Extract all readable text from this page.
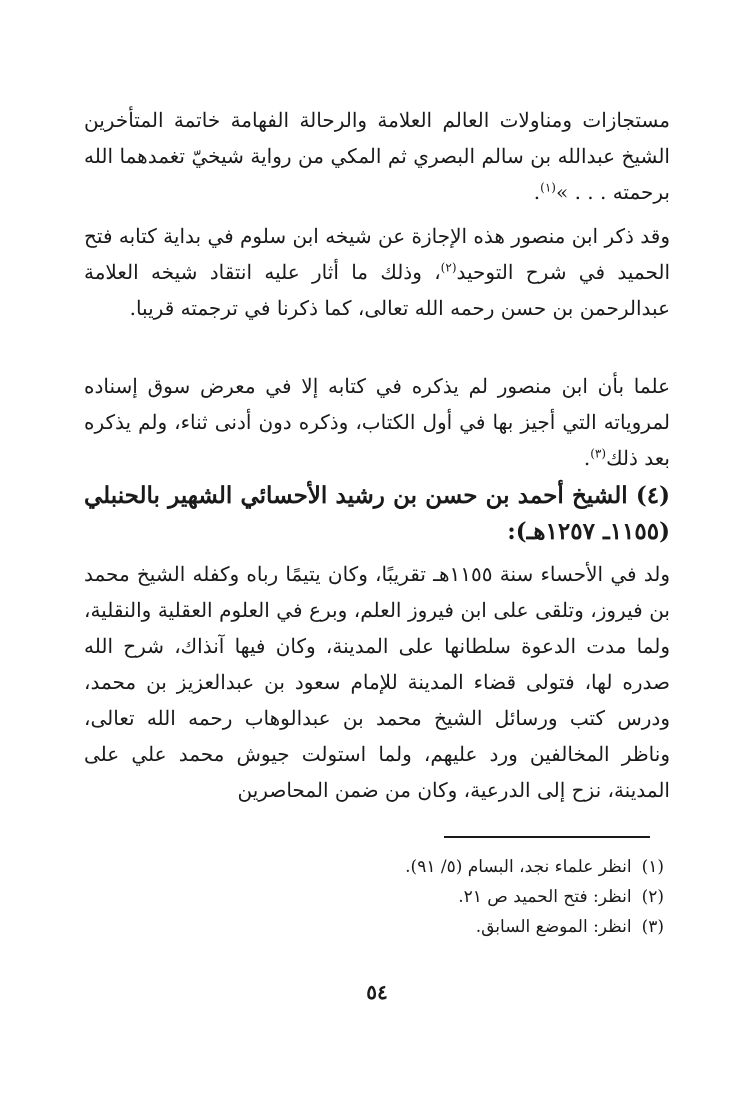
مستجازات ومناولات العالم العلامة والرحالة الفهامة خاتمة المتأخرين الشيخ عبدالله بن سالم البصري ثم المكي من رواية شيخيّ تغمدهما الله برحمته . . . »$^{(١)}$.

وقد ذكر ابن منصور هذه الإجازة عن شيخه ابن سلوم في بداية كتابه فتح الحميد في شرح التوحيد$^{(٢)}$، وذلك ما أثار عليه انتقاد شيخه العلامة عبدالرحمن بن حسن رحمه الله تعالى، كما ذكرنا في ترجمته قريبا.

علما بأن ابن منصور لم يذكره في كتابه إلا في معرض سوق إسناده لمروياته التي أجيز بها في أول الكتاب، وذكره دون أدنى ثناء، ولم يذكره بعد ذلك$^{(٣)}$.

(٤) الشيخ أحمد بن حسن بن رشيد الأحسائي الشهير بالحنبلي (١١٥٥ـ ١٢٥٧هـ):

ولد في الأحساء سنة ١١٥٥هـ تقريبًا، وكان يتيمًا رباه وكفله الشيخ محمد بن فيروز، وتلقى على ابن فيروز العلم، وبرع في العلوم العقلية والنقلية، ولما مدت الدعوة سلطانها على المدينة، وكان فيها آنذاك، شرح الله صدره لها، فتولى قضاء المدينة للإمام سعود بن عبدالعزيز بن محمد، ودرس كتب ورسائل الشيخ محمد بن عبدالوهاب رحمه الله تعالى، وناظر المخالفين ورد عليهم، ولما استولت جيوش محمد علي على المدينة، نزح إلى الدرعية، وكان من ضمن المحاصرين

(١)انظر علماء نجد، البسام (٥/ ٩١).
(٢)انظر: فتح الحميد ص ٢١.
(٣)انظر: الموضع السابق.
٥٤
